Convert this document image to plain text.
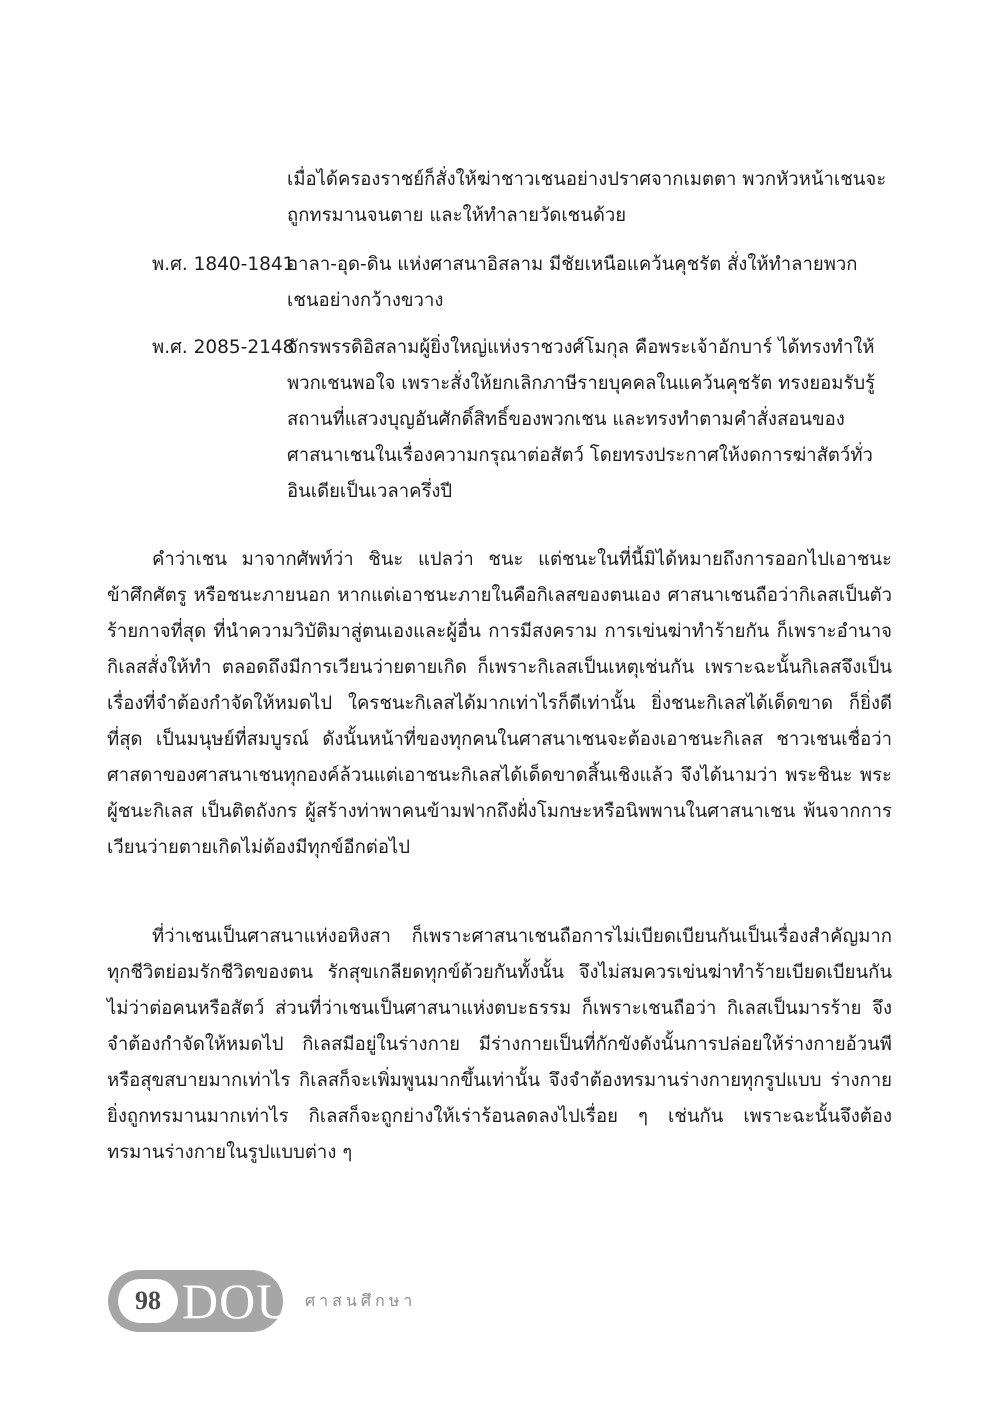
เมื่อได้ครองราชย์ก็สั่งให้ฆ่าชาวเชนอย่างปราศจากเมตตา พวกหัวหน้าเชนจะถูกทรมานจนตาย และให้ทำลายวัดเชนด้วย
พ.ศ. 1840-1841
อาลา-อุด-ดิน แห่งศาสนาอิสลาม มีชัยเหนือแคว้นคุชรัต สั่งให้ทำลายพวกเชนอย่างกว้างขวาง
พ.ศ. 2085-2148
จักรพรรดิอิสลามผู้ยิ่งใหญ่แห่งราชวงศ์โมกุล คือพระเจ้าอักบาร์ ได้ทรงทำให้พวกเชนพอใจ เพราะสั่งให้ยกเลิกภาษีรายบุคคลในแคว้นคุชรัต ทรงยอมรับรู้สถานที่แสวงบุญอันศักดิ์สิทธิ์ของพวกเชน และทรงทำตามคำสั่งสอนของศาสนาเชนในเรื่องความกรุณาต่อสัตว์ โดยทรงประกาศให้งดการฆ่าสัตว์ทั่วอินเดียเป็นเวลาครึ่งปี

คำว่าเชน มาจากศัพท์ว่า ชินะ แปลว่า ชนะ แต่ชนะในที่นี้มิได้หมายถึงการออกไปเอาชนะข้าศึกศัตรู หรือชนะภายนอก หากแต่เอาชนะภายในคือกิเลสของตนเอง ศาสนาเชนถือว่ากิเลสเป็นตัวร้ายกาจที่สุด ที่นำความวิบัติมาสู่ตนเองและผู้อื่น การมีสงคราม การเข่นฆ่าทำร้ายกัน ก็เพราะอำนาจกิเลสสั่งให้ทำ ตลอดถึงมีการเวียนว่ายตายเกิด ก็เพราะกิเลสเป็นเหตุเช่นกัน เพราะฉะนั้นกิเลสจึงเป็นเรื่องที่จำต้องกำจัดให้หมดไป ใครชนะกิเลสได้มากเท่าไรก็ดีเท่านั้น ยิ่งชนะกิเลสได้เด็ดขาด ก็ยิ่งดีที่สุด เป็นมนุษย์ที่สมบูรณ์ ดังนั้นหน้าที่ของทุกคนในศาสนาเชนจะต้องเอาชนะกิเลส ชาวเชนเชื่อว่าศาสดาของศาสนาเชนทุกองค์ล้วนแต่เอาชนะกิเลสได้เด็ดขาดสิ้นเชิงแล้ว จึงได้นามว่า พระชินะ พระผู้ชนะกิเลส เป็นติตถังกร ผู้สร้างท่าพาคนข้ามฟากถึงฝั่งโมกษะหรือนิพพานในศาสนาเชน พ้นจากการเวียนว่ายตายเกิดไม่ต้องมีทุกข์อีกต่อไป

ที่ว่าเชนเป็นศาสนาแห่งอหิงสา ก็เพราะศาสนาเชนถือการไม่เบียดเบียนกันเป็นเรื่องสำคัญมาก ทุกชีวิตย่อมรักชีวิตของตน รักสุขเกลียดทุกข์ด้วยกันทั้งนั้น จึงไม่สมควรเข่นฆ่าทำร้ายเบียดเบียนกัน ไม่ว่าต่อคนหรือสัตว์ ส่วนที่ว่าเชนเป็นศาสนาแห่งตบะธรรม ก็เพราะเชนถือว่า กิเลสเป็นมารร้าย จึงจำต้องกำจัดให้หมดไป กิเลสมีอยู่ในร่างกาย มีร่างกายเป็นที่กักขังดังนั้นการปล่อยให้ร่างกายอ้วนพีหรือสุขสบายมากเท่าไร กิเลสก็จะเพิ่มพูนมากขึ้นเท่านั้น จึงจำต้องทรมานร่างกายทุกรูปแบบ ร่างกายยิ่งถูกทรมานมากเท่าไร กิเลสก็จะถูกย่างให้เร่าร้อนลดลงไปเรื่อย ๆ เช่นกัน เพราะฉะนั้นจึงต้องทรมานร่างกายในรูปแบบต่าง ๆ

98 DOU ศาสนศึกษา
